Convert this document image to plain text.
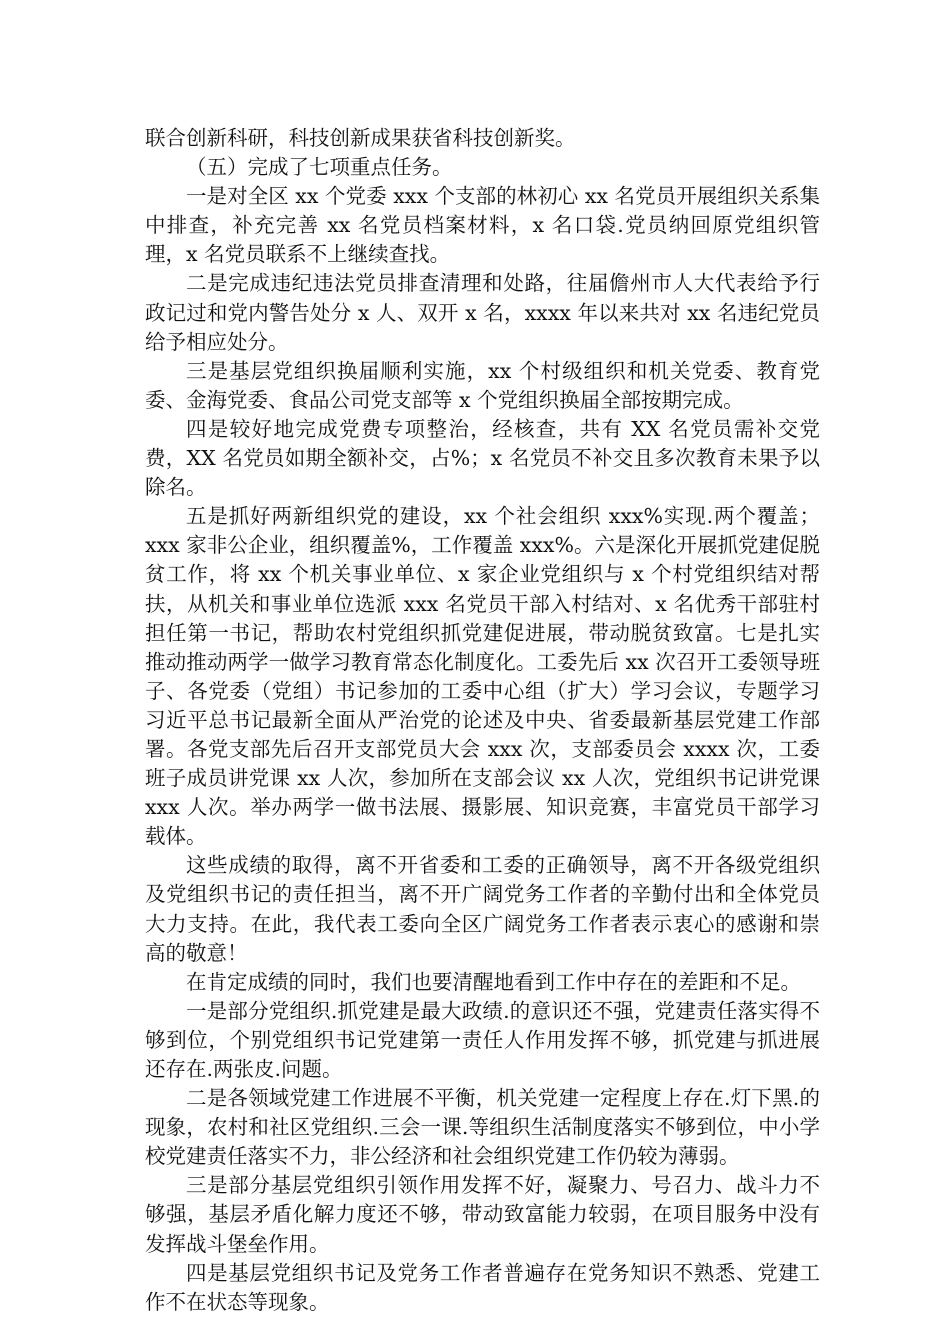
联合创新科研，科技创新成果获省科技创新奖。

（五）完成了七项重点任务。

一是对全区 xx 个党委 xxx 个支部的林初心 xx 名党员开展组织关系集中排查，补充完善 xx 名党员档案材料，x 名口袋.党员纳回原党组织管理，x 名党员联系不上继续查找。

二是完成违纪违法党员排查清理和处路，往届儋州市人大代表给予行政记过和党内警告处分 x 人、双开 x 名，xxxx 年以来共对 xx 名违纪党员给予相应处分。

三是基层党组织换届顺利实施，xx 个村级组织和机关党委、教育党委、金海党委、食品公司党支部等 x 个党组织换届全部按期完成。

四是较好地完成党费专项整治，经核查，共有 XX 名党员需补交党费，XX 名党员如期全额补交，占%；x 名党员不补交且多次教育未果予以除名。

五是抓好两新组织党的建设，xx 个社会组织 xxx%实现.两个覆盖；xxx 家非公企业，组织覆盖%，工作覆盖 xxx%。六是深化开展抓党建促脱贫工作，将 xx 个机关事业单位、x 家企业党组织与 x 个村党组织结对帮扶，从机关和事业单位选派 xxx 名党员干部入村结对、x 名优秀干部驻村担任第一书记，帮助农村党组织抓党建促进展，带动脱贫致富。七是扎实推动推动两学一做学习教育常态化制度化。工委先后 xx 次召开工委领导班子、各党委（党组）书记参加的工委中心组（扩大）学习会议，专题学习习近平总书记最新全面从严治党的论述及中央、省委最新基层党建工作部署。各党支部先后召开支部党员大会 xxx 次，支部委员会 xxxx 次，工委班子成员讲党课 xx 人次，参加所在支部会议 xx 人次，党组织书记讲党课 xxx 人次。举办两学一做书法展、摄影展、知识竞赛，丰富党员干部学习载体。

这些成绩的取得，离不开省委和工委的正确领导，离不开各级党组织及党组织书记的责任担当，离不开广阔党务工作者的辛勤付出和全体党员大力支持。在此，我代表工委向全区广阔党务工作者表示衷心的感谢和崇高的敬意！

在肯定成绩的同时，我们也要清醒地看到工作中存在的差距和不足。

一是部分党组织.抓党建是最大政绩.的意识还不强，党建责任落实得不够到位，个别党组织书记党建第一责任人作用发挥不够，抓党建与抓进展还存在.两张皮.问题。

二是各领域党建工作进展不平衡，机关党建一定程度上存在.灯下黑.的现象，农村和社区党组织.三会一课.等组织生活制度落实不够到位，中小学校党建责任落实不力，非公经济和社会组织党建工作仍较为薄弱。

三是部分基层党组织引领作用发挥不好，凝聚力、号召力、战斗力不够强，基层矛盾化解力度还不够，带动致富能力较弱，在项目服务中没有发挥战斗堡垒作用。

四是基层党组织书记及党务工作者普遍存在党务知识不熟悉、党建工作不在状态等现象。
